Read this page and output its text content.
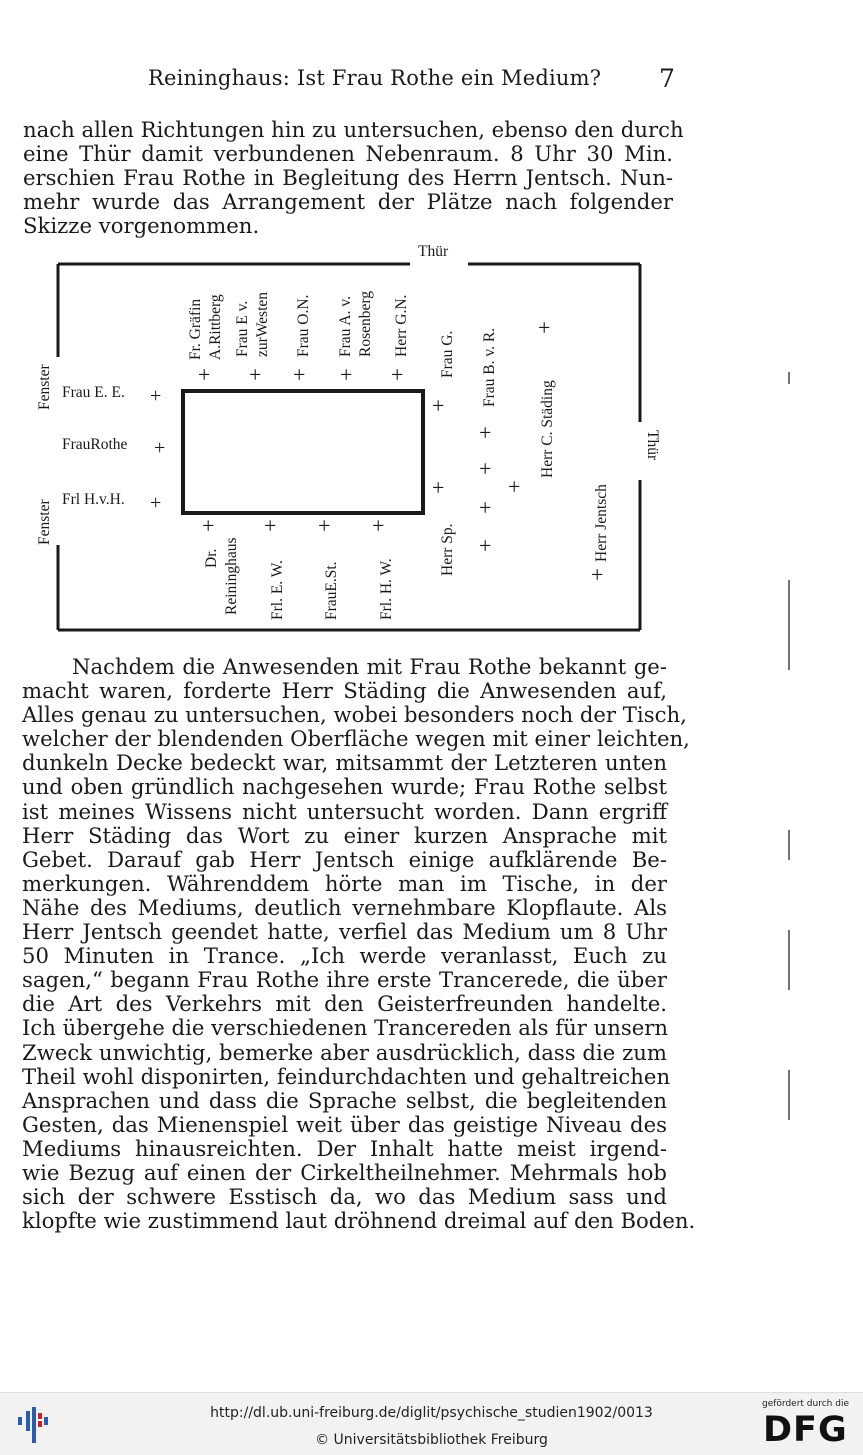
Reininghaus: Ist Frau Rothe ein Medium? 7
nach allen Richtungen hin zu untersuchen, ebenso den durch
eine Thür damit verbundenen Nebenraum. 8 Uhr 30 Min.
erschien Frau Rothe in Begleitung des Herrn Jentsch. Nun-
mehr wurde das Arrangement der Plätze nach folgender
Skizze vorgenommen.
Thür
Thür
Fenster
Fenster
Frau E. E. +
FrauRothe +
Frl H.v.H. +
Fr. Gräfin A.Rittberg
+
Frau E v. zurWesten
+
Frau O.N.
+
Frau A. v. Rosenberg
+
Herr G.N.
+
+
Dr. Reininghaus
+
Frl. E. W.
+
FrauE.St.
+
Frl. H. W.
+
Frau G.
+
Herr Sp.
Frau B. v. R.
+
+
+
+
+
+
Herr C. Städing
Herr Jentsch
+
Nachdem die Anwesenden mit Frau Rothe bekannt ge-
macht waren, forderte Herr Städing die Anwesenden auf,
Alles genau zu untersuchen, wobei besonders noch der Tisch,
welcher der blendenden Oberfläche wegen mit einer leichten,
dunkeln Decke bedeckt war, mitsammt der Letzteren unten
und oben gründlich nachgesehen wurde; Frau Rothe selbst
ist meines Wissens nicht untersucht worden. Dann ergriff
Herr Städing das Wort zu einer kurzen Ansprache mit
Gebet. Darauf gab Herr Jentsch einige aufklärende Be-
merkungen. Währenddem hörte man im Tische, in der
Nähe des Mediums, deutlich vernehmbare Klopflaute. Als
Herr Jentsch geendet hatte, verfiel das Medium um 8 Uhr
50 Minuten in Trance. „Ich werde veranlasst, Euch zu
sagen,“ begann Frau Rothe ihre erste Trancerede, die über
die Art des Verkehrs mit den Geisterfreunden handelte.
Ich übergehe die verschiedenen Trancereden als für unsern
Zweck unwichtig, bemerke aber ausdrücklich, dass die zum
Theil wohl disponirten, feindurchdachten und gehaltreichen
Ansprachen und dass die Sprache selbst, die begleitenden
Gesten, das Mienenspiel weit über das geistige Niveau des
Mediums hinausreichten. Der Inhalt hatte meist irgend-
wie Bezug auf einen der Cirkeltheilnehmer. Mehrmals hob
sich der schwere Esstisch da, wo das Medium sass und
klopfte wie zustimmend laut dröhnend dreimal auf den Boden.
http://dl.ub.uni-freiburg.de/diglit/psychische_studien1902/0013
© Universitätsbibliothek Freiburg
gefördert durch die
DFG
